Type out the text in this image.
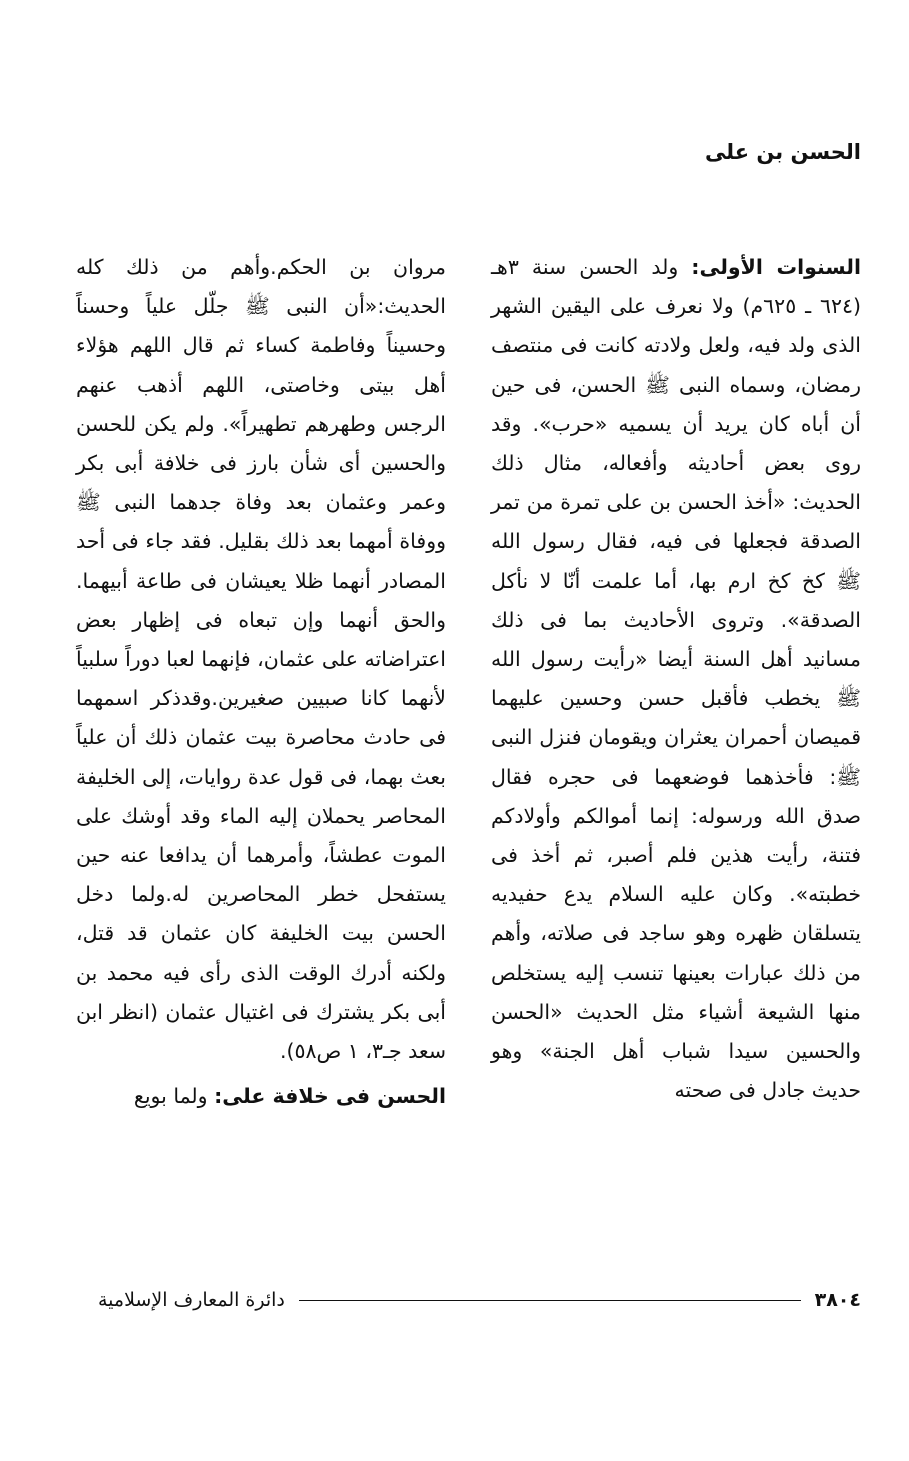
الحسن بن على

السنوات الأولى: ولد الحسن سنة ٣هـ (٦٢٤ ـ ٦٢٥م) ولا نعرف على اليقين الشهر الذى ولد فيه، ولعل ولادته كانت فى منتصف رمضان، وسماه النبى ﷺ الحسن، فى حين أن أباه كان يريد أن يسميه «حرب». وقد روى بعض أحاديثه وأفعاله، مثال ذلك الحديث: «أخذ الحسن بن على تمرة من تمر الصدقة فجعلها فى فيه، فقال رسول الله ﷺ كخ كخ ارم بها، أما علمت أنّا لا نأكل الصدقة». وتروى الأحاديث بما فى ذلك مسانيد أهل السنة أيضا «رأيت رسول الله ﷺ يخطب فأقبل حسن وحسين عليهما قميصان أحمران يعثران ويقومان فنزل النبى ﷺ: فأخذهما فوضعهما فى حجره فقال صدق الله ورسوله: إنما أموالكم وأولادكم فتنة، رأيت هذين فلم أصبر، ثم أخذ فى خطبته». وكان عليه السلام يدع حفيديه يتسلقان ظهره وهو ساجد فى صلاته، وأهم من ذلك عبارات بعينها تنسب إليه يستخلص منها الشيعة أشياء مثل الحديث «الحسن والحسين سيدا شباب أهل الجنة» وهو حديث جادل فى صحته

مروان بن الحكم.وأهم من ذلك كله الحديث:«أن النبى ﷺ جلّل علياً وحسناً وحسيناً وفاطمة كساء ثم قال اللهم هؤلاء أهل بيتى وخاصتى، اللهم أذهب عنهم الرجس وطهرهم تطهيراً». ولم يكن للحسن والحسين أى شأن بارز فى خلافة أبى بكر وعمر وعثمان بعد وفاة جدهما النبى ﷺ ووفاة أمهما بعد ذلك بقليل. فقد جاء فى أحد المصادر أنهما ظلا يعيشان فى طاعة أبيهما. والحق أنهما وإن تبعاه فى إظهار بعض اعتراضاته على عثمان، فإنهما لعبا دوراً سلبياً لأنهما كانا صبيين صغيرين.وقدذكر اسمهما فى حادث محاصرة بيت عثمان ذلك أن علياً بعث بهما، فى قول عدة روايات، إلى الخليفة المحاصر يحملان إليه الماء وقد أوشك على الموت عطشاً، وأمرهما أن يدافعا عنه حين يستفحل خطر المحاصرين له.ولما دخل الحسن بيت الخليفة كان عثمان قد قتل، ولكنه أدرك الوقت الذى رأى فيه محمد بن أبى بكر يشترك فى اغتيال عثمان (انظر ابن سعد جـ٣، ١ ص٥٨).

الحسن فى خلافة على: ولما بويع

٣٨٠٤
دائرة المعارف الإسلامية
